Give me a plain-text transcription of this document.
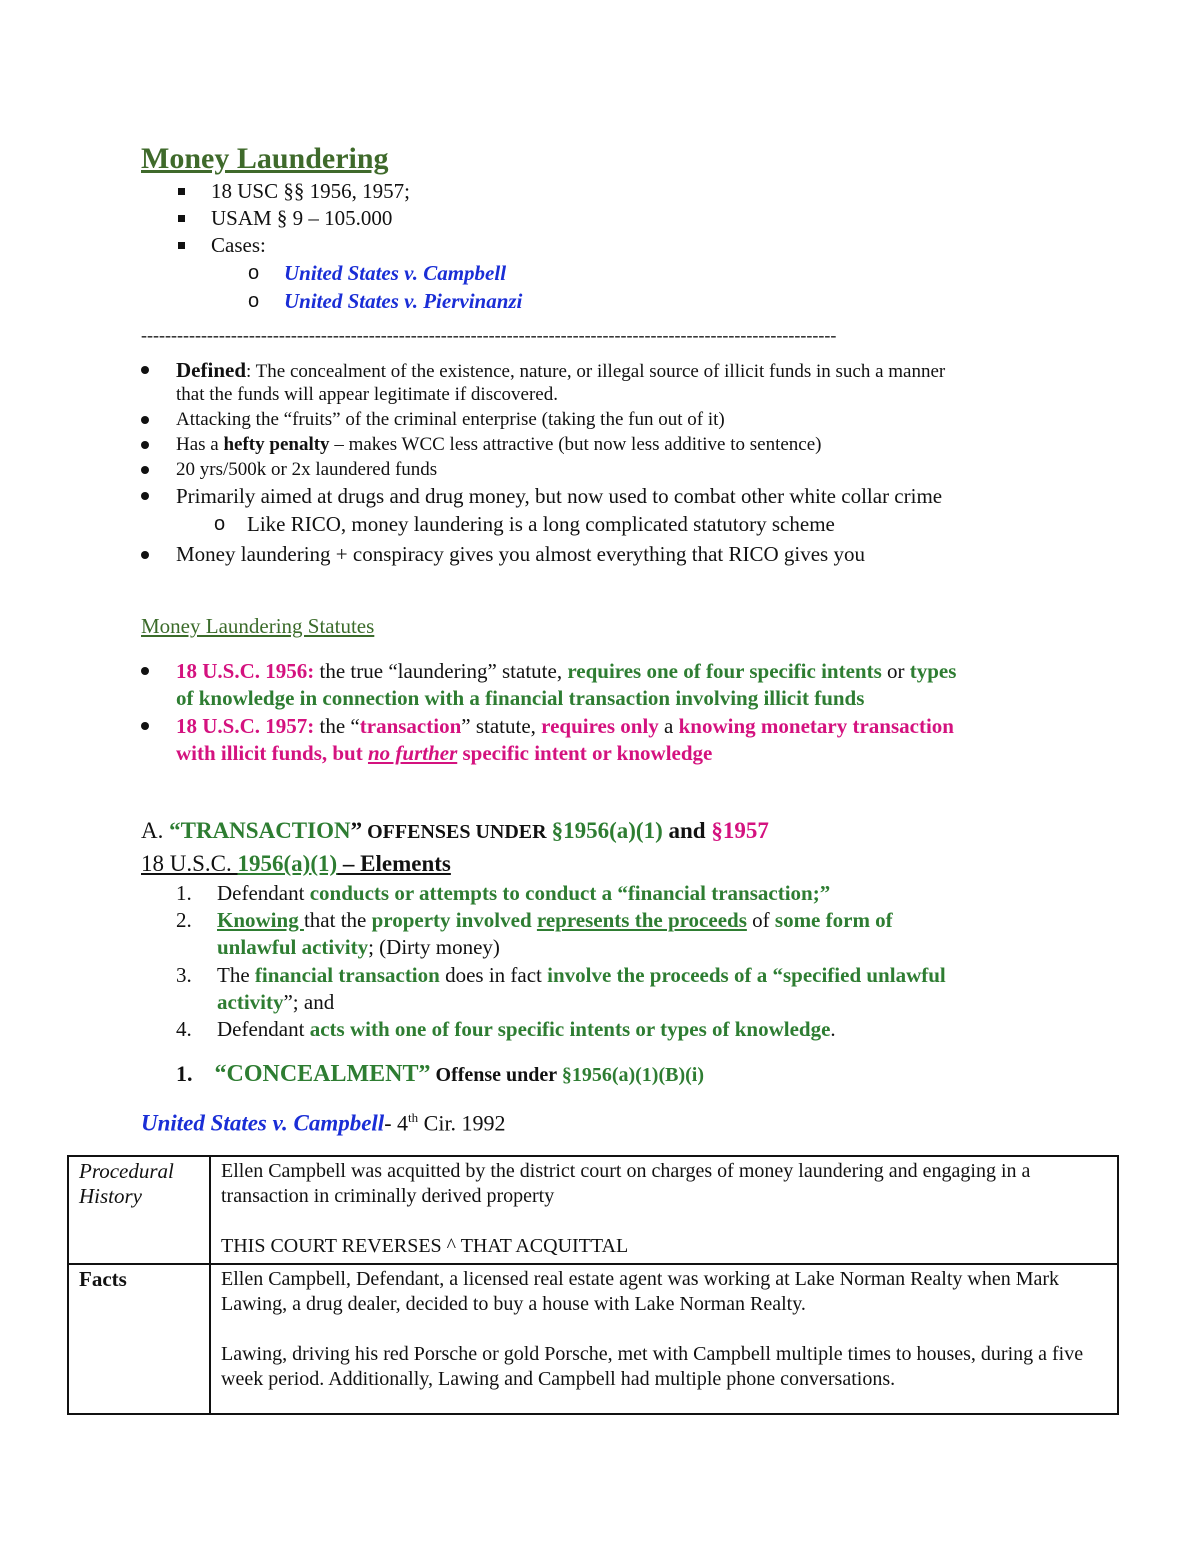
Money Laundering
18 USC §§ 1956, 1957;
USAM § 9 – 105.000
Cases:
o United States v. Campbell
o United States v. Piervinanzi
--------------------------------------------------------------------------------------------------------------------
Defined: The concealment of the existence, nature, or illegal source of illicit funds in such a manner
that the funds will appear legitimate if discovered.
Attacking the “fruits” of the criminal enterprise (taking the fun out of it)
Has a hefty penalty – makes WCC less attractive (but now less additive to sentence)
20 yrs/500k or 2x laundered funds
Primarily aimed at drugs and drug money, but now used to combat other white collar crime
o Like RICO, money laundering is a long complicated statutory scheme
Money laundering + conspiracy gives you almost everything that RICO gives you
Money Laundering Statutes
18 U.S.C. 1956: the true “laundering” statute, requires one of four specific intents or types
of knowledge in connection with a financial transaction involving illicit funds
18 U.S.C. 1957: the “transaction” statute, requires only a knowing monetary transaction
with illicit funds, but no further specific intent or knowledge
A. “TRANSACTION” OFFENSES UNDER §1956(a)(1) and §1957
18 U.S.C. 1956(a)(1) – Elements
1. Defendant conducts or attempts to conduct a “financial transaction;”
2. Knowing that the property involved represents the proceeds of some form of
unlawful activity; (Dirty money)
3. The financial transaction does in fact involve the proceeds of a “specified unlawful
activity”; and
4. Defendant acts with one of four specific intents or types of knowledge.
1. “CONCEALMENT” Offense under §1956(a)(1)(B)(i)
United States v. Campbell- 4th Cir. 1992
Procedural History	Ellen Campbell was acquitted by the district court on charges of money laundering and engaging in a transaction in criminally derived property

THIS COURT REVERSES ^ THAT ACQUITTAL

Facts	Ellen Campbell, Defendant, a licensed real estate agent was working at Lake Norman Realty when Mark Lawing, a drug dealer, decided to buy a house with Lake Norman Realty.

Lawing, driving his red Porsche or gold Porsche, met with Campbell multiple times to houses, during a five week period. Additionally, Lawing and Campbell had multiple phone conversations.
